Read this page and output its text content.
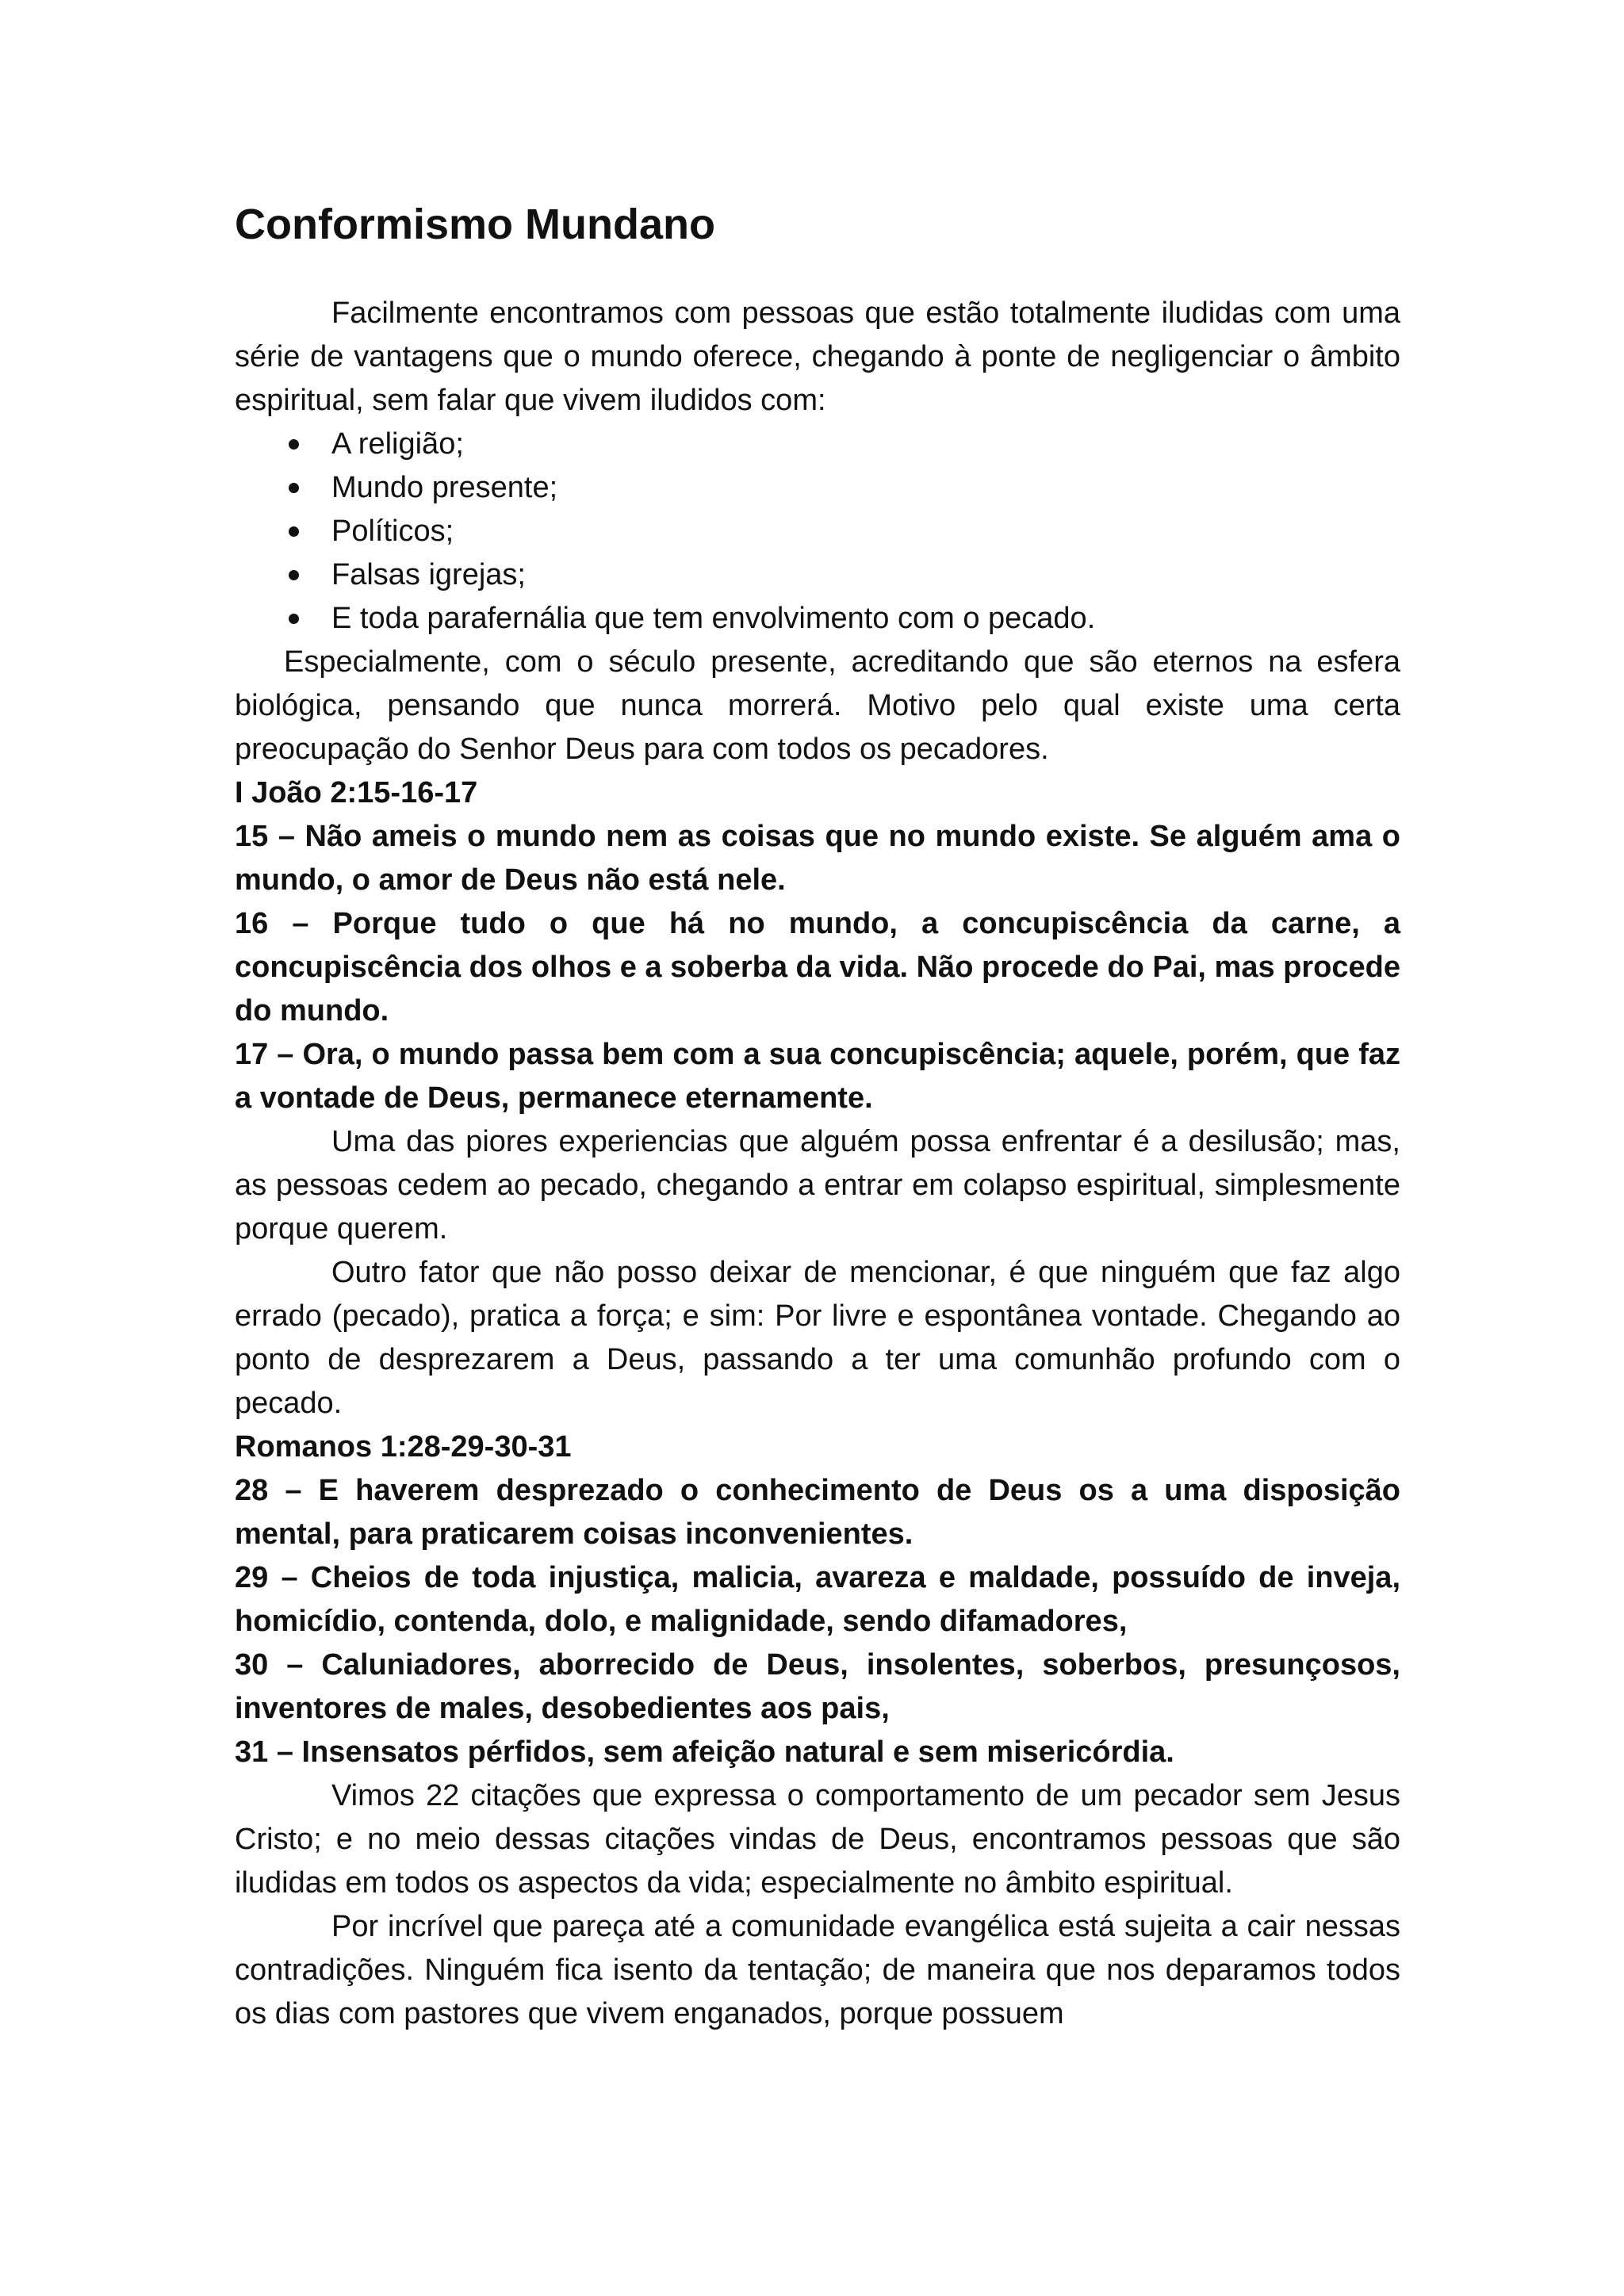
Conformismo Mundano

Facilmente encontramos com pessoas que estão totalmente iludidas com uma série de vantagens que o mundo oferece, chegando à ponte de negligenciar o âmbito espiritual, sem falar que vivem iludidos com:

A religião;
Mundo presente;
Políticos;
Falsas igrejas;
E toda parafernália que tem envolvimento com o pecado.

Especialmente, com o século presente, acreditando que são eternos na esfera biológica, pensando que nunca morrerá. Motivo pelo qual existe uma certa preocupação do Senhor Deus para com todos os pecadores.

I João 2:15-16-17

15 – Não ameis o mundo nem as coisas que no mundo existe. Se alguém ama o mundo, o amor de Deus não está nele.

16 – Porque tudo o que há no mundo, a concupiscência da carne, a concupiscência dos olhos e a soberba da vida. Não procede do Pai, mas procede do mundo.

17 – Ora, o mundo passa bem com a sua concupiscência; aquele, porém, que faz a vontade de Deus, permanece eternamente.

Uma das piores experiencias que alguém possa enfrentar é a desilusão; mas, as pessoas cedem ao pecado, chegando a entrar em colapso espiritual, simplesmente porque querem.

Outro fator que não posso deixar de mencionar, é que ninguém que faz algo errado (pecado), pratica a força; e sim: Por livre e espontânea vontade. Chegando ao ponto de desprezarem a Deus, passando a ter uma comunhão profundo com o pecado.

Romanos 1:28-29-30-31

28 – E haverem desprezado o conhecimento de Deus os a uma disposição mental, para praticarem coisas inconvenientes.

29 – Cheios de toda injustiça, malicia, avareza e maldade, possuído de inveja, homicídio, contenda, dolo, e malignidade, sendo difamadores,

30 – Caluniadores, aborrecido de Deus, insolentes, soberbos, presunçosos, inventores de males, desobedientes aos pais,

31 – Insensatos pérfidos, sem afeição natural e sem misericórdia.

Vimos 22 citações que expressa o comportamento de um pecador sem Jesus Cristo; e no meio dessas citações vindas de Deus, encontramos pessoas que são iludidas em todos os aspectos da vida; especialmente no âmbito espiritual.

Por incrível que pareça até a comunidade evangélica está sujeita a cair nessas contradições. Ninguém fica isento da tentação; de maneira que nos deparamos todos os dias com pastores que vivem enganados, porque possuem
